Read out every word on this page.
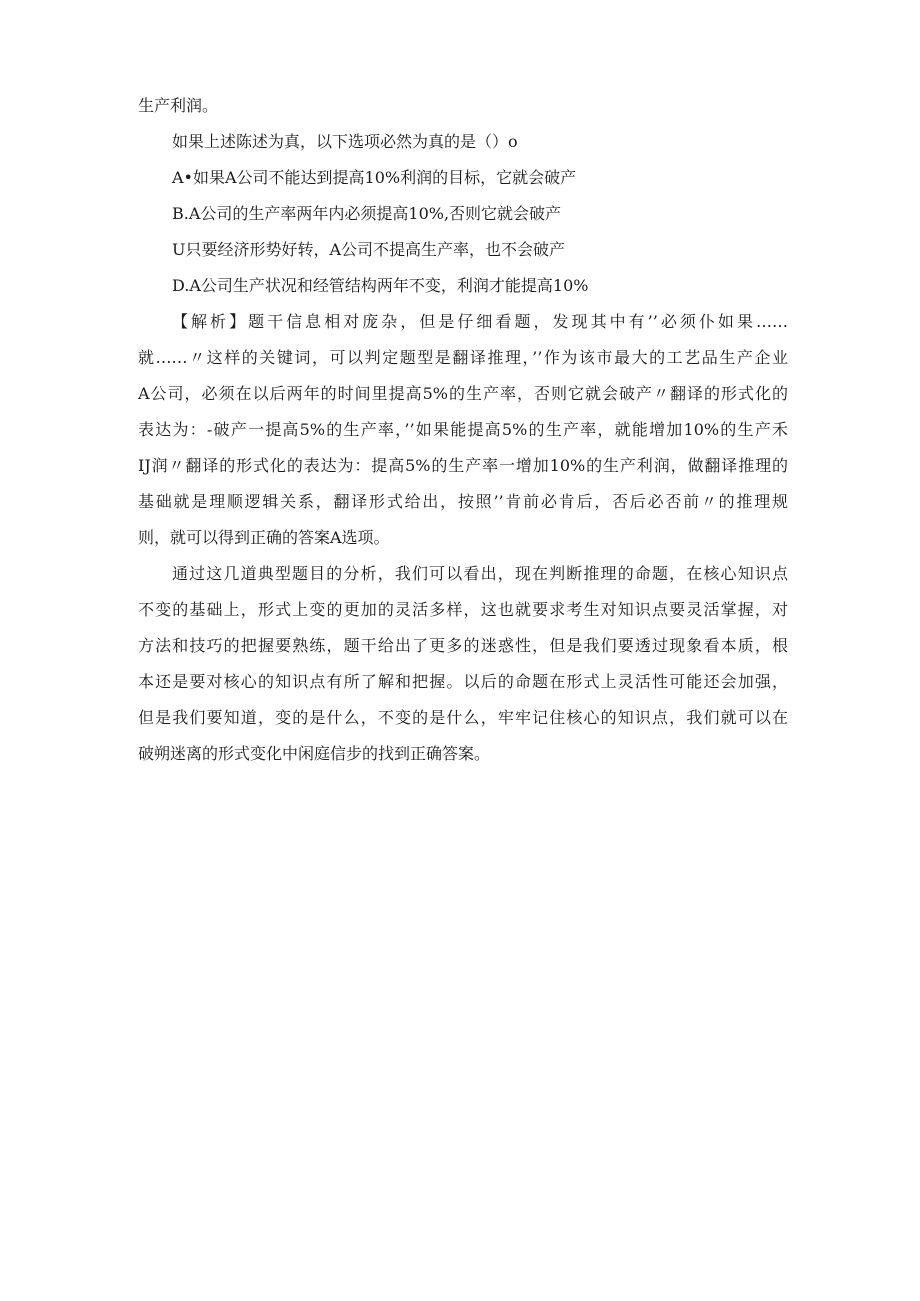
生产利润。
如果上述陈述为真，以下选项必然为真的是（）o
A•如果A公司不能达到提高10%利润的目标，它就会破产
B.A公司的生产率两年内必须提高10%,否则它就会破产
U只要经济形势好转，A公司不提高生产率，也不会破产
D.A公司生产状况和经管结构两年不变，利润才能提高10%
【解析】题干信息相对庞杂，但是仔细看题，发现其中有’’必须仆如果……
就……〃这样的关键词，可以判定题型是翻译推理，’’作为该市最大的工艺品生产企业
A公司，必须在以后两年的时间里提高5%的生产率，否则它就会破产〃翻译的形式化的
表达为：-破产一提高5%的生产率，’’如果能提高5%的生产率，就能增加10%的生产禾
IJ润〃翻译的形式化的表达为：提高5%的生产率一增加10%的生产利润，做翻译推理的
基础就是理顺逻辑关系，翻译形式给出，按照’’肯前必肯后，否后必否前〃的推理规
则，就可以得到正确的答案A选项。
通过这几道典型题目的分析，我们可以看出，现在判断推理的命题，在核心知识点
不变的基础上，形式上变的更加的灵活多样，这也就要求考生对知识点要灵活掌握，对
方法和技巧的把握要熟练，题干给出了更多的迷惑性，但是我们要透过现象看本质，根
本还是要对核心的知识点有所了解和把握。以后的命题在形式上灵活性可能还会加强，
但是我们要知道，变的是什么，不变的是什么，牢牢记住核心的知识点，我们就可以在
破朔迷离的形式变化中闲庭信步的找到正确答案。
